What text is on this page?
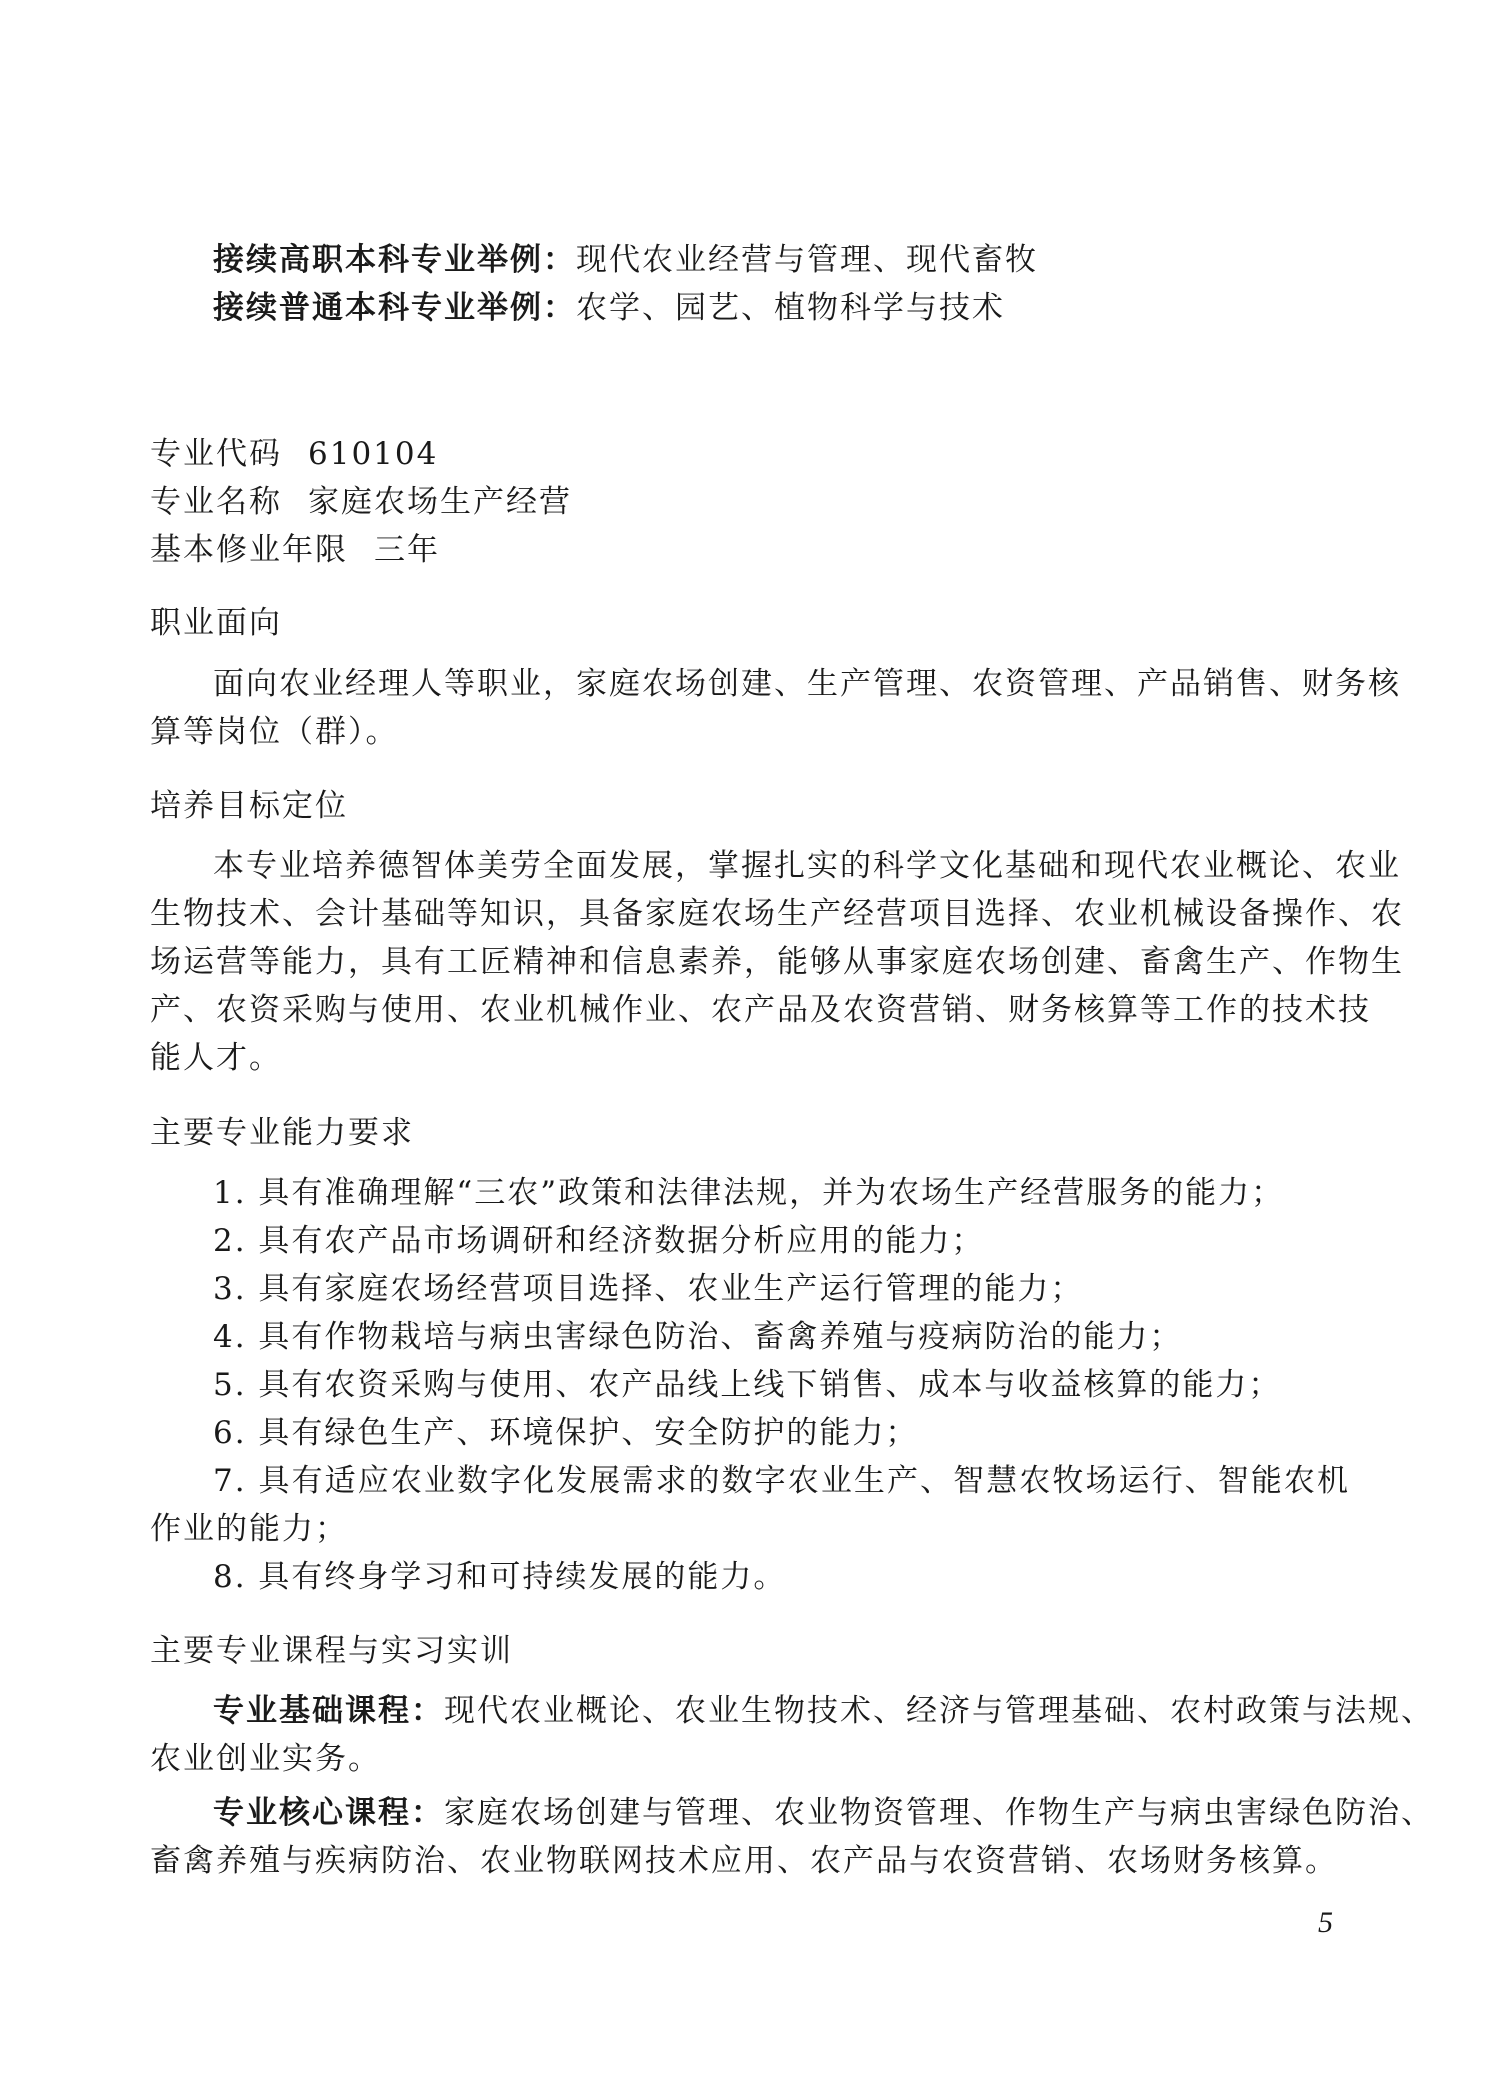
接续高职本科专业举例：现代农业经营与管理、现代畜牧
接续普通本科专业举例：农学、园艺、植物科学与技术
专业代码 610104
专业名称 家庭农场生产经营
基本修业年限 三年
职业面向
面向农业经理人等职业，家庭农场创建、生产管理、农资管理、产品销售、财务核
算等岗位（群）。
培养目标定位
本专业培养德智体美劳全面发展，掌握扎实的科学文化基础和现代农业概论、农业
生物技术、会计基础等知识，具备家庭农场生产经营项目选择、农业机械设备操作、农
场运营等能力，具有工匠精神和信息素养，能够从事家庭农场创建、畜禽生产、作物生
产、农资采购与使用、农业机械作业、农产品及农资营销、财务核算等工作的技术技
能人才。
主要专业能力要求
1. 具有准确理解“三农”政策和法律法规，并为农场生产经营服务的能力；
2. 具有农产品市场调研和经济数据分析应用的能力；
3. 具有家庭农场经营项目选择、农业生产运行管理的能力；
4. 具有作物栽培与病虫害绿色防治、畜禽养殖与疫病防治的能力；
5. 具有农资采购与使用、农产品线上线下销售、成本与收益核算的能力；
6. 具有绿色生产、环境保护、安全防护的能力；
7. 具有适应农业数字化发展需求的数字农业生产、智慧农牧场运行、智能农机
作业的能力；
8. 具有终身学习和可持续发展的能力。
主要专业课程与实习实训
专业基础课程：现代农业概论、农业生物技术、经济与管理基础、农村政策与法规、
农业创业实务。
专业核心课程：家庭农场创建与管理、农业物资管理、作物生产与病虫害绿色防治、
畜禽养殖与疾病防治、农业物联网技术应用、农产品与农资营销、农场财务核算。
5
